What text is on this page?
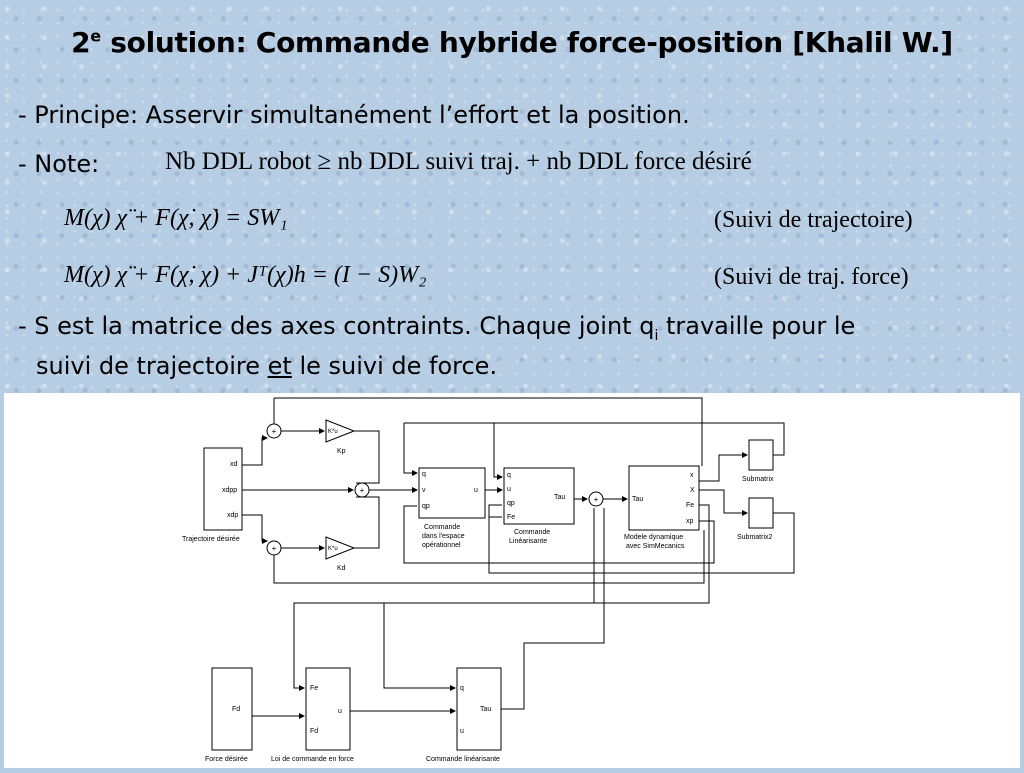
2e solution: Commande hybride force-position [Khalil W.]
- Principe: Asservir simultanément l’effort et la position.
- Note:	Nb DDL robot ≥ nb DDL suivi traj. + nb DDL force désiré
M(χ) χ̈ + F(χ̇, χ̇) = SW₁	(Suivi de trajectoire)
M(χ) χ̈ + F(χ̇, χ) + Jᵀ(χ)h = (I − S)W₂	(Suivi de traj. force)
- S est la matrice des axes contraints. Chaque joint $q_i$ travaille pour le
suivi de trajectoire et le suivi de force.
xd
xdpp
xdp
Trajectoire désirée
K*u
Kp
K*u
Kd
q
v
qp
u
Commande
dans l'espace
opérationnel
q
u
qp
Fe
Tau
Commande
Linéarisante
Tau
x
X
Fe
xp
Modele dynamique
avec SimMecanics
Submatrix
Submatrix2
Fd
Force désirée
Fe
Fd
u
Loi de commande en force
q
u
Tau
Commande linéarisante
+
+
+
+
